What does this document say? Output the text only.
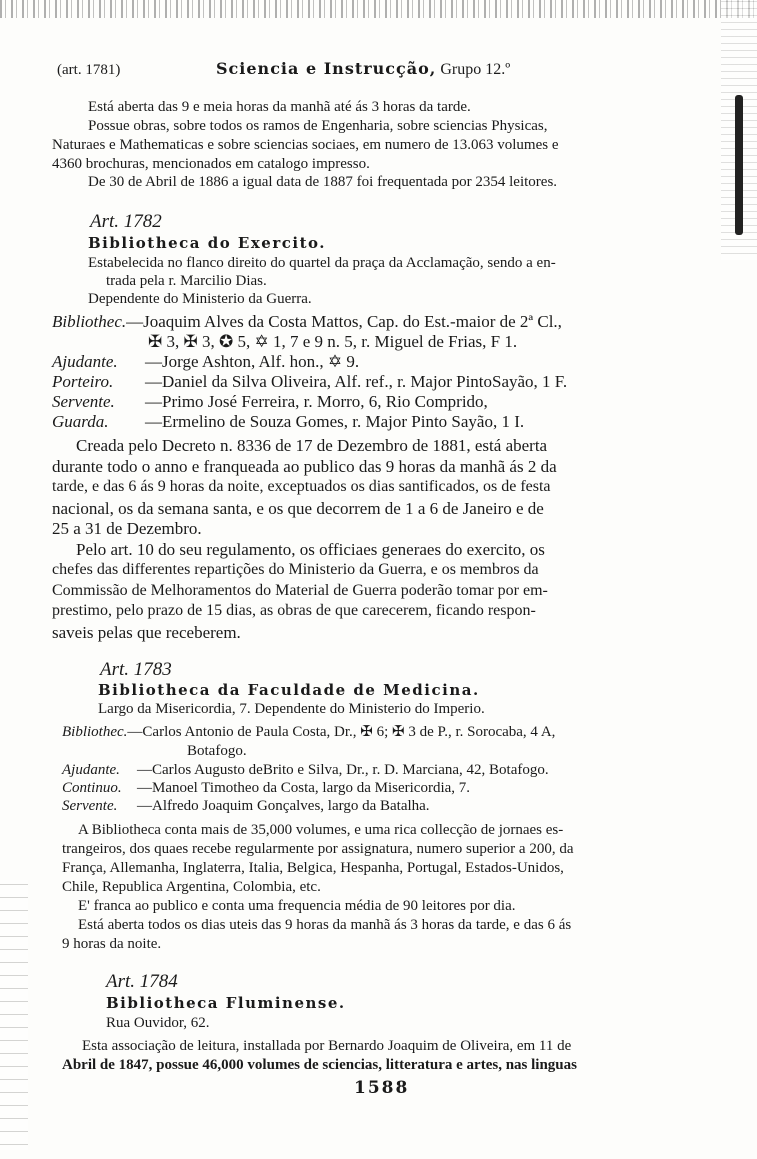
(art. 1781)	Sciencia e Instrucção, Grupo 12.º
Está aberta das 9 e meia horas da manhã até ás 3 horas da tarde.
Possue obras, sobre todos os ramos de Engenharia, sobre sciencias Physicas,
Naturaes e Mathematicas e sobre sciencias sociaes, em numero de 13.063 volumes e
4360 brochuras, mencionados em catalogo impresso.
De 30 de Abril de 1886 a igual data de 1887 foi frequentada por 2354 leitores.
Art. 1782
Bibliotheca do Exercito.
Estabelecida no flanco direito do quartel da praça da Acclamação, sendo a en-
trada pela r. Marcilio Dias.
Dependente do Ministerio da Guerra.
Bibliothec.—Joaquim Alves da Costa Mattos, Cap. do Est.-maior de 2ª Cl.,
✠ 3, ✠ 3, ✪ 5, ✡ 1, 7 e 9 n. 5, r. Miguel de Frias, F 1.
Ajudante. —Jorge Ashton, Alf. hon., ✡ 9.
Porteiro. —Daniel da Silva Oliveira, Alf. ref., r. Major PintoSayão, 1 F.
Servente. —Primo José Ferreira, r. Morro, 6, Rio Comprido,
Guarda. —Ermelino de Souza Gomes, r. Major Pinto Sayão, 1 I.
Creada pelo Decreto n. 8336 de 17 de Dezembro de 1881, está aberta
durante todo o anno e franqueada ao publico das 9 horas da manhã ás 2 da
tarde, e das 6 ás 9 horas da noite, exceptuados os dias santificados, os de festa
nacional, os da semana santa, e os que decorrem de 1 a 6 de Janeiro e de
25 a 31 de Dezembro.
Pelo art. 10 do seu regulamento, os officiaes generaes do exercito, os
chefes das differentes repartições do Ministerio da Guerra, e os membros da
Commissão de Melhoramentos do Material de Guerra poderão tomar por em-
prestimo, pelo prazo de 15 dias, as obras de que carecerem, ficando respon-
saveis pelas que receberem.
Art. 1783
Bibliotheca da Faculdade de Medicina.
Largo da Misericordia, 7. Dependente do Ministerio do Imperio.
Bibliothec.—Carlos Antonio de Paula Costa, Dr., ✠ 6; ✠ 3 de P., r. Sorocaba, 4 A,
Botafogo.
Ajudante. —Carlos Augusto deBrito e Silva, Dr., r. D. Marciana, 42, Botafogo.
Continuo. —Manoel Timotheo da Costa, largo da Misericordia, 7.
Servente. —Alfredo Joaquim Gonçalves, largo da Batalha.
A Bibliotheca conta mais de 35,000 volumes, e uma rica collecção de jornaes es-
trangeiros, dos quaes recebe regularmente por assignatura, numero superior a 200, da
França, Allemanha, Inglaterra, Italia, Belgica, Hespanha, Portugal, Estados-Unidos,
Chile, Republica Argentina, Colombia, etc.
E' franca ao publico e conta uma frequencia média de 90 leitores por dia.
Está aberta todos os dias uteis das 9 horas da manhã ás 3 horas da tarde, e das 6 ás
9 horas da noite.
Art. 1784
Bibliotheca Fluminense.
Rua Ouvidor, 62.
Esta associação de leitura, installada por Bernardo Joaquim de Oliveira, em 11 de
Abril de 1847, possue 46,000 volumes de sciencias, litteratura e artes, nas linguas
1588
